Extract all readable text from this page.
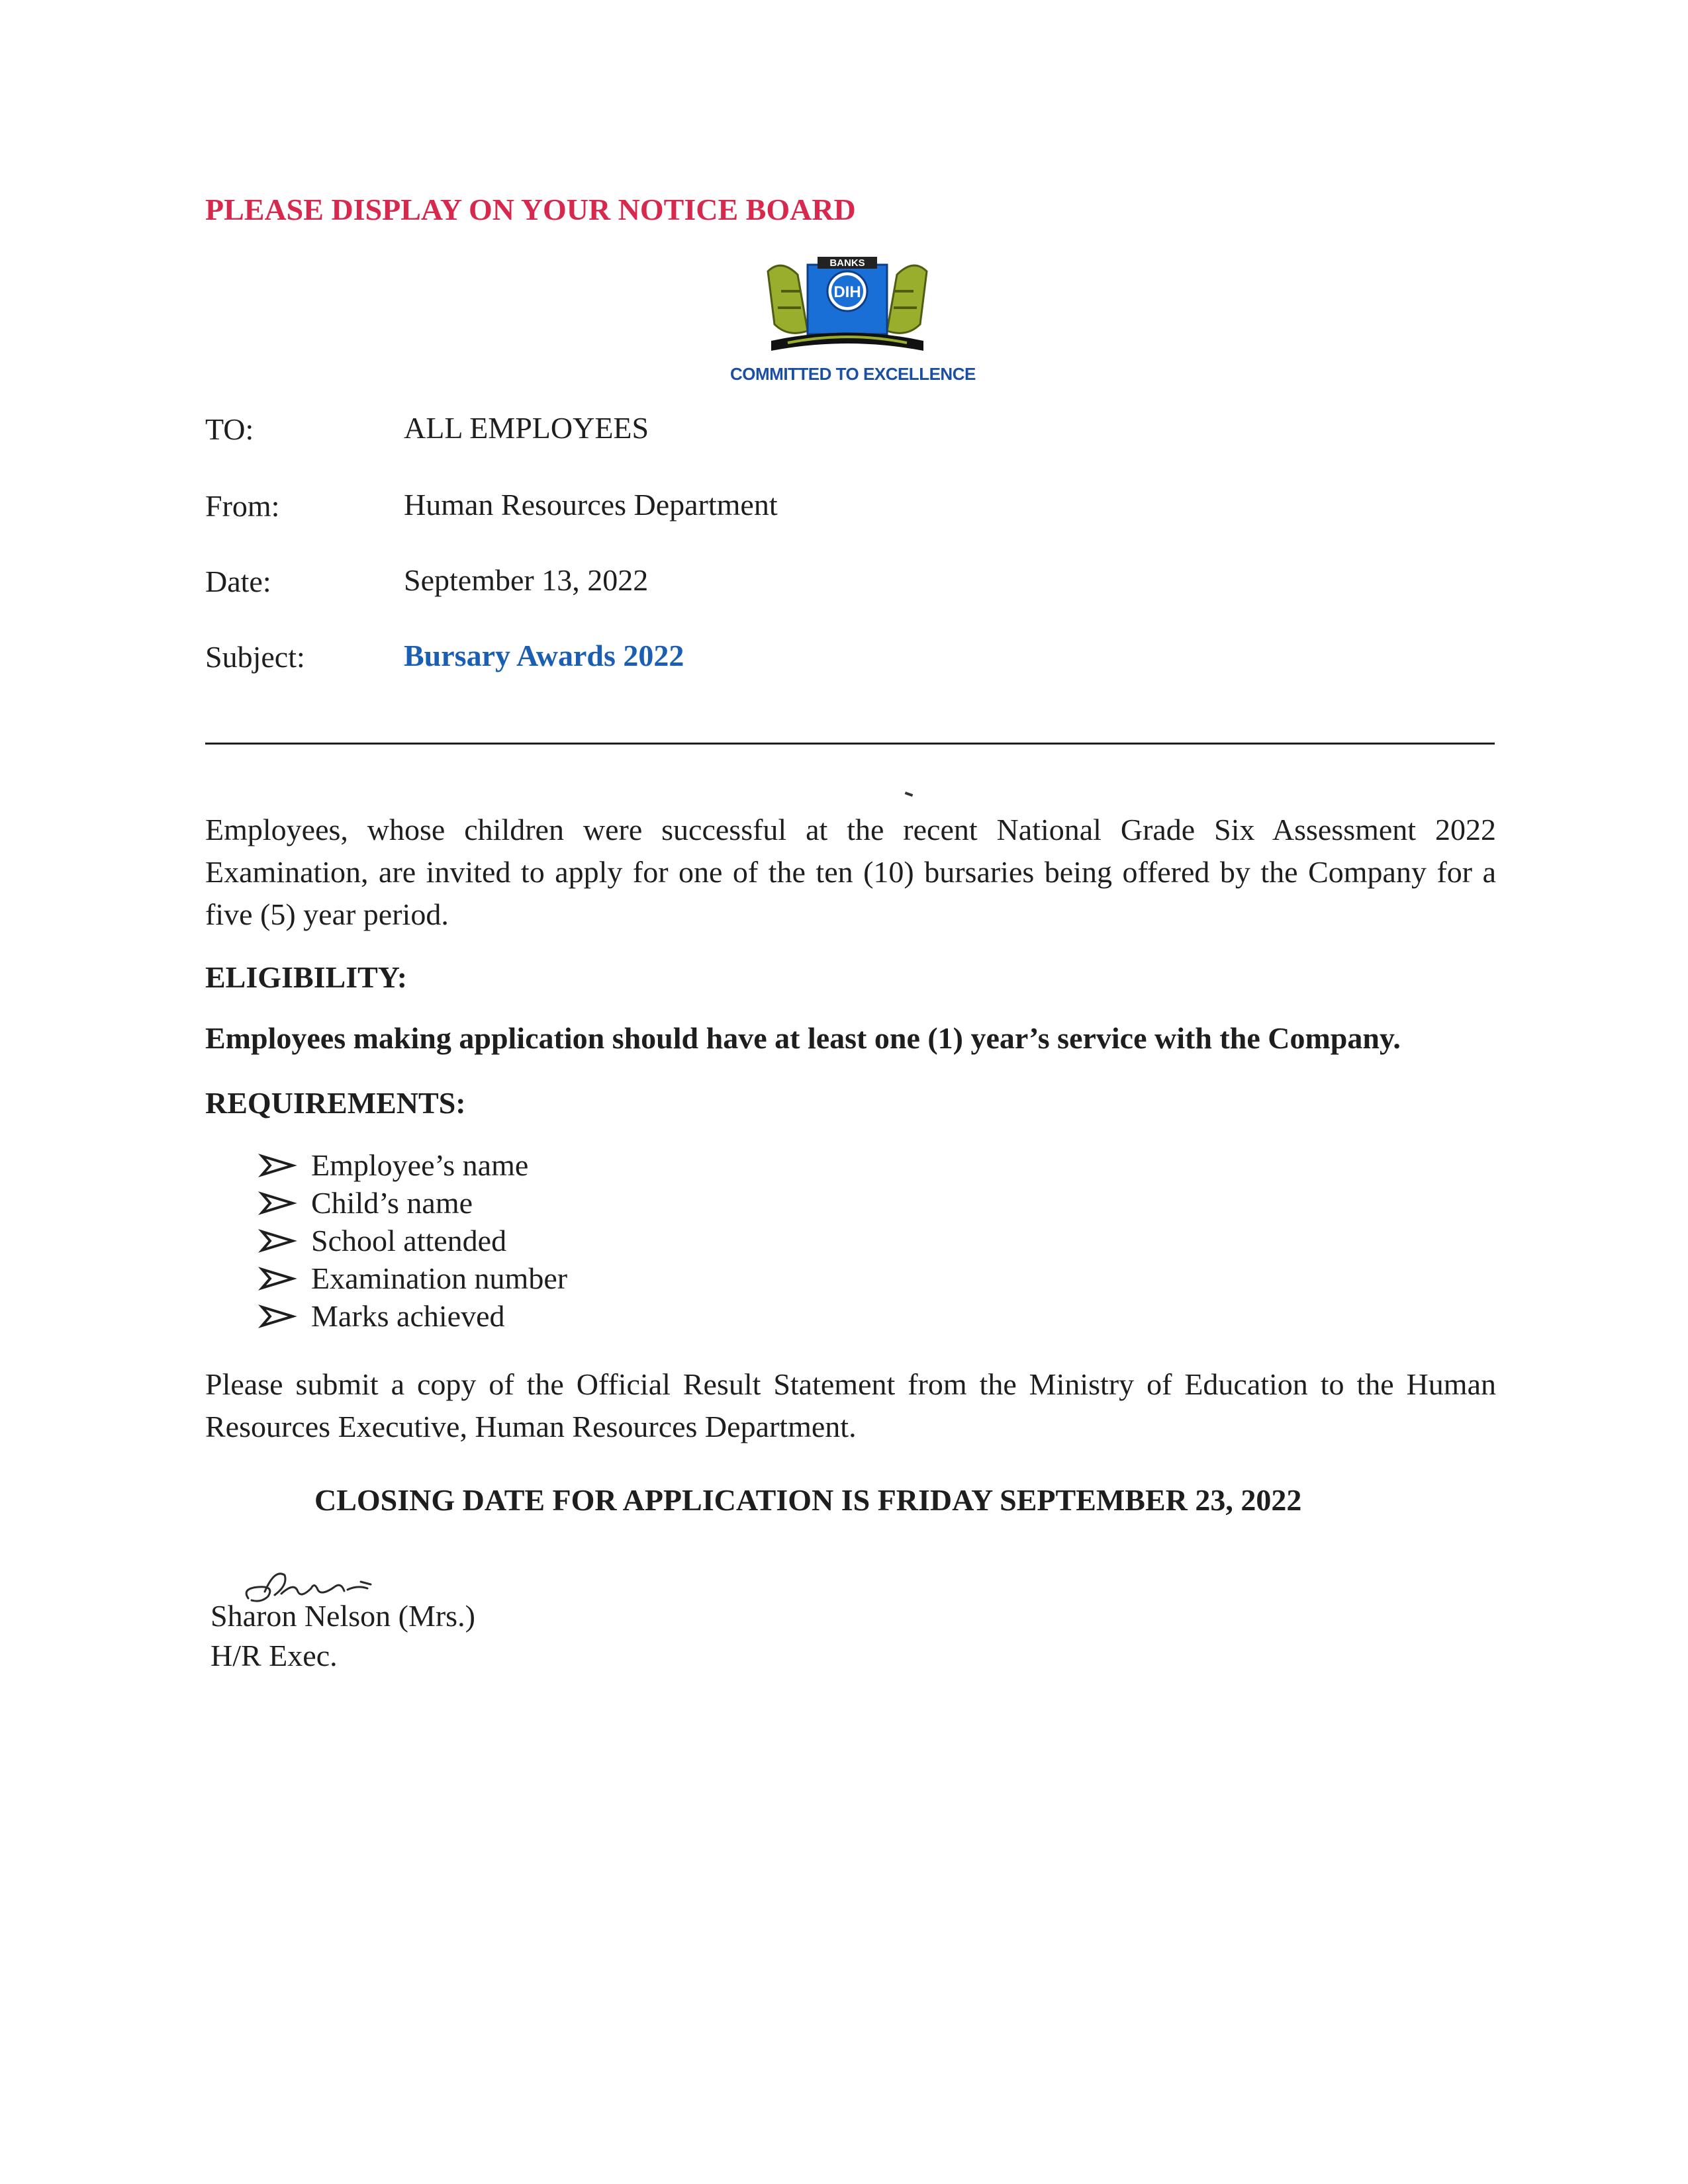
PLEASE DISPLAY ON YOUR NOTICE BOARD
BANKS
DIH
COMMITTED TO EXCELLENCE
TO:	ALL EMPLOYEES
From:	Human Resources Department
Date:	September 13, 2022
Subject:	Bursary Awards 2022
Employees, whose children were successful at the recent National Grade Six Assessment 2022 Examination, are invited to apply for one of the ten (10) bursaries being offered by the Company for a five (5) year period.
ELIGIBILITY:
Employees making application should have at least one (1) year’s service with the Company.
REQUIREMENTS:
Employee’s name
Child’s name
School attended
Examination number
Marks achieved
Please submit a copy of the Official Result Statement from the Ministry of Education to the Human Resources Executive, Human Resources Department.
CLOSING DATE FOR APPLICATION IS FRIDAY SEPTEMBER 23, 2022
Sharon Nelson (Mrs.)
H/R Exec.
